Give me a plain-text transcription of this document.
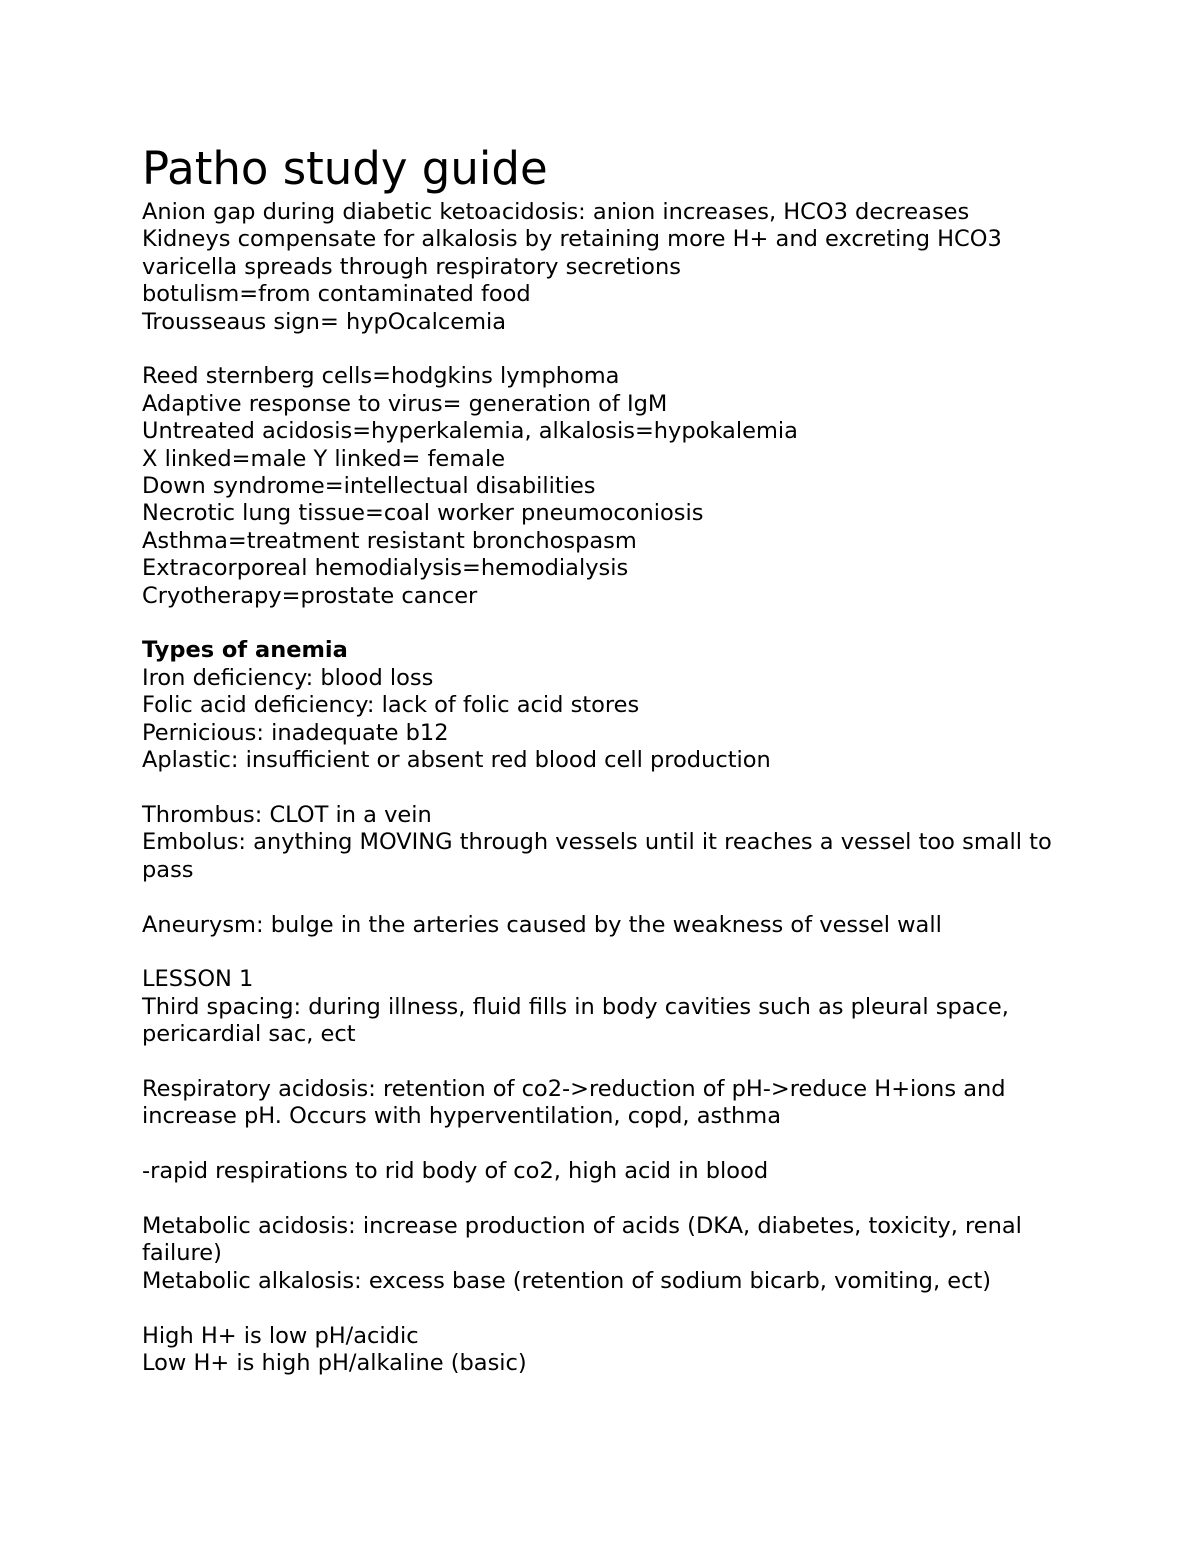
Patho study guide

Anion gap during diabetic ketoacidosis: anion increases, HCO3 decreases

Kidneys compensate for alkalosis by retaining more H+ and excreting HCO3

varicella spreads through respiratory secretions

botulism=from contaminated food

Trousseaus sign= hypOcalcemia

Reed sternberg cells=hodgkins lymphoma

Adaptive response to virus= generation of IgM

Untreated acidosis=hyperkalemia, alkalosis=hypokalemia

X linked=male Y linked= female

Down syndrome=intellectual disabilities

Necrotic lung tissue=coal worker pneumoconiosis

Asthma=treatment resistant bronchospasm

Extracorporeal hemodialysis=hemodialysis

Cryotherapy=prostate cancer

Types of anemia

Iron deficiency: blood loss

Folic acid deficiency: lack of folic acid stores

Pernicious: inadequate b12

Aplastic: insufficient or absent red blood cell production

Thrombus: CLOT in a vein

Embolus: anything MOVING through vessels until it reaches a vessel too small to pass

Aneurysm: bulge in the arteries caused by the weakness of vessel wall

LESSON 1

Third spacing: during illness, fluid fills in body cavities such as pleural space, pericardial sac, ect

Respiratory acidosis: retention of co2->reduction of pH->reduce H+ions and increase pH. Occurs with hyperventilation, copd, asthma

-rapid respirations to rid body of co2, high acid in blood

Metabolic acidosis: increase production of acids (DKA, diabetes, toxicity, renal failure)

Metabolic alkalosis: excess base (retention of sodium bicarb, vomiting, ect)

High H+ is low pH/acidic

Low H+ is high pH/alkaline (basic)
